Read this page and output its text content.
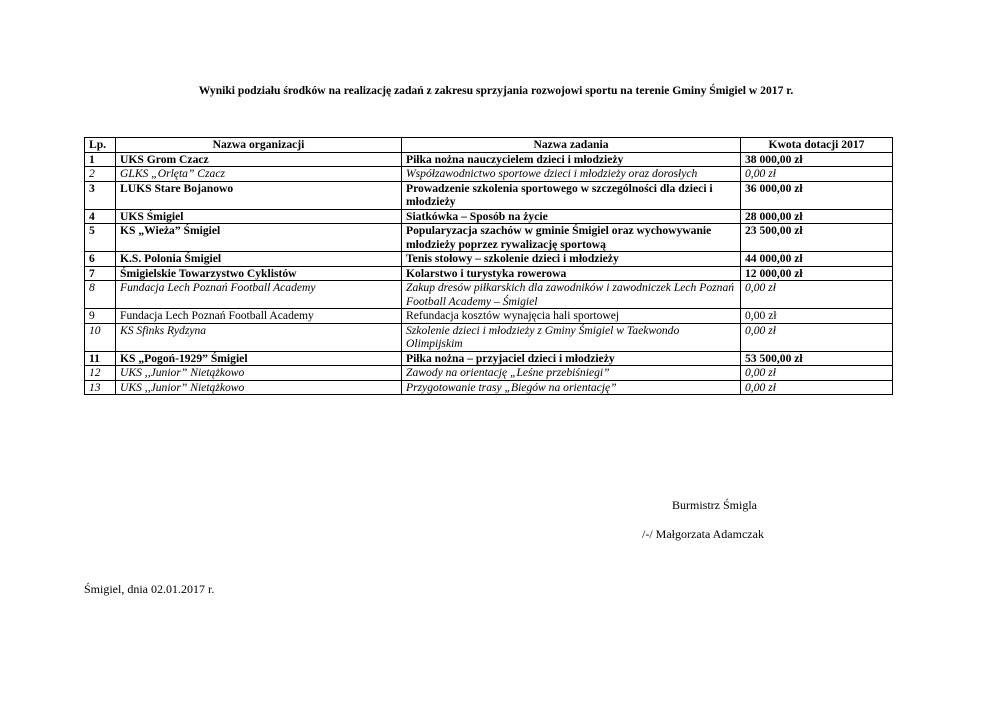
Wyniki podziału środków na realizację zadań z zakresu sprzyjania rozwojowi sportu na terenie Gminy Śmigiel w 2017 r.
Lp.	Nazwa organizacji	Nazwa zadania	Kwota dotacji 2017
1	UKS Grom Czacz	Piłka nożna nauczycielem dzieci i młodzieży	38 000,00 zł
2	GLKS „Orlęta” Czacz	Współzawodnictwo sportowe dzieci i młodzieży oraz dorosłych	0,00 zł
3	LUKS Stare Bojanowo	Prowadzenie szkolenia sportowego w szczególności dla dzieci i młodzieży	36 000,00 zł
4	UKS Śmigiel	Siatkówka – Sposób na życie	28 000,00 zł
5	KS „Wieża” Śmigiel	Popularyzacja szachów w gminie Śmigiel oraz wychowywanie młodzieży poprzez rywalizację sportową	23 500,00 zł
6	K.S. Polonia Śmigiel	Tenis stołowy – szkolenie dzieci i młodzieży	44 000,00 zł
7	Śmigielskie Towarzystwo Cyklistów	Kolarstwo i turystyka rowerowa	12 000,00 zł
8	Fundacja Lech Poznań Football Academy	Zakup dresów piłkarskich dla zawodników i zawodniczek Lech Poznań Football Academy – Śmigiel	0,00 zł
9	Fundacja Lech Poznań Football Academy	Refundacja kosztów wynajęcia hali sportowej	0,00 zł
10	KS Sfinks Rydzyna	Szkolenie dzieci i młodzieży z Gminy Śmigiel w Taekwondo Olimpijskim	0,00 zł
11	KS „Pogoń-1929” Śmigiel	Piłka nożna – przyjaciel dzieci i młodzieży	53 500,00 zł
12	UKS ,,Junior” Nietążkowo	Zawody na orientację „Leśne przebiśniegi”	0,00 zł
13	UKS ,,Junior” Nietążkowo	Przygotowanie trasy „Biegów na orientację”	0,00 zł
Burmistrz Śmigla
/-/ Małgorzata Adamczak
Śmigiel, dnia 02.01.2017 r.
